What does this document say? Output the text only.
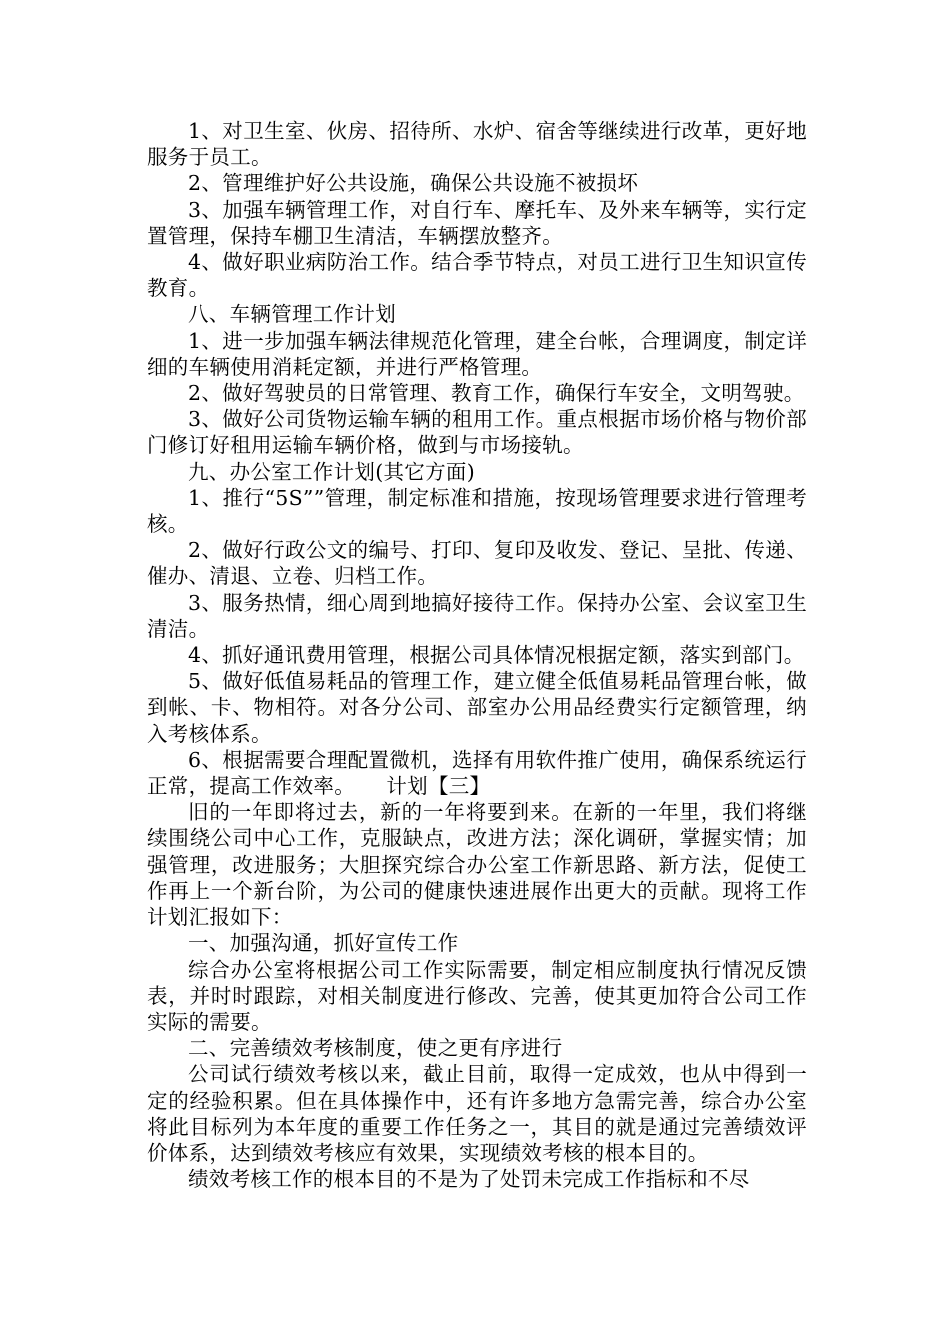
1、对卫生室、伙房、招待所、水炉、宿舍等继续进行改革，更好地服务于员工。

2、管理维护好公共设施，确保公共设施不被损坏

3、加强车辆管理工作，对自行车、摩托车、及外来车辆等，实行定置管理，保持车棚卫生清洁，车辆摆放整齐。

4、做好职业病防治工作。结合季节特点，对员工进行卫生知识宣传教育。

八、车辆管理工作计划

1、进一步加强车辆法律规范化管理，建全台帐，合理调度，制定详细的车辆使用消耗定额，并进行严格管理。

2、做好驾驶员的日常管理、教育工作，确保行车安全，文明驾驶。

3、做好公司货物运输车辆的租用工作。重点根据市场价格与物价部门修订好租用运输车辆价格，做到与市场接轨。

九、办公室工作计划(其它方面)

1、推行“5S””管理，制定标准和措施，按现场管理要求进行管理考核。

2、做好行政公文的编号、打印、复印及收发、登记、呈批、传递、催办、清退、立卷、归档工作。

3、服务热情，细心周到地搞好接待工作。保持办公室、会议室卫生清洁。

4、抓好通讯费用管理，根据公司具体情况根据定额，落实到部门。

5、做好低值易耗品的管理工作，建立健全低值易耗品管理台帐，做到帐、卡、物相符。对各分公司、部室办公用品经费实行定额管理，纳入考核体系。

6、根据需要合理配置微机，选择有用软件推广使用，确保系统运行正常，提高工作效率。　　计划【三】

旧的一年即将过去，新的一年将要到来。在新的一年里，我们将继续围绕公司中心工作，克服缺点，改进方法；深化调研，掌握实情；加强管理，改进服务；大胆探究综合办公室工作新思路、新方法，促使工作再上一个新台阶，为公司的健康快速进展作出更大的贡献。现将工作计划汇报如下：

一、加强沟通，抓好宣传工作

综合办公室将根据公司工作实际需要，制定相应制度执行情况反馈表，并时时跟踪，对相关制度进行修改、完善，使其更加符合公司工作实际的需要。

二、完善绩效考核制度，使之更有序进行

公司试行绩效考核以来，截止目前，取得一定成效，也从中得到一定的经验积累。但在具体操作中，还有许多地方急需完善，综合办公室将此目标列为本年度的重要工作任务之一，其目的就是通过完善绩效评价体系，达到绩效考核应有效果，实现绩效考核的根本目的。

绩效考核工作的根本目的不是为了处罚未完成工作指标和不尽
